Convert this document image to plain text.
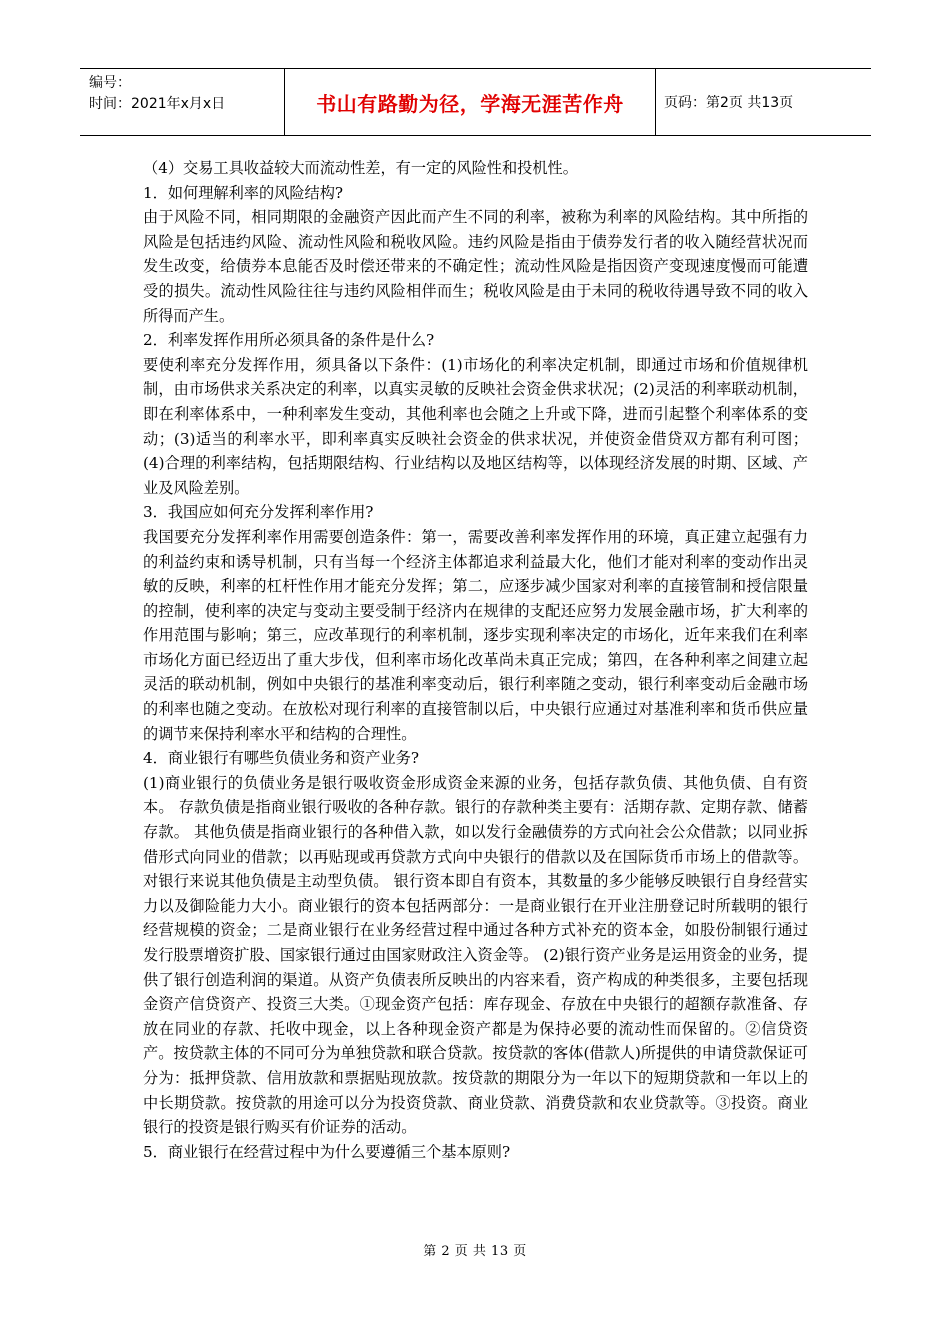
编号：
时间：2021年x月x日	书山有路勤为径，学海无涯苦作舟	页码：第2页 共13页

（4）交易工具收益较大而流动性差，有一定的风险性和投机性。

1．如何理解利率的风险结构?

由于风险不同，相同期限的金融资产因此而产生不同的利率，被称为利率的风险结构。其中所指的风险是包括违约风险、流动性风险和税收风险。违约风险是指由于债券发行者的收入随经营状况而发生改变，给债券本息能否及时偿还带来的不确定性；流动性风险是指因资产变现速度慢而可能遭受的损失。流动性风险往往与违约风险相伴而生；税收风险是由于未同的税收待遇导致不同的收入所得而产生。

2．利率发挥作用所必须具备的条件是什么?

要使利率充分发挥作用，须具备以下条件：(1)市场化的利率决定机制，即通过市场和价值规律机制，由市场供求关系决定的利率，以真实灵敏的反映社会资金供求状况；(2)灵活的利率联动机制，即在利率体系中，一种利率发生变动，其他利率也会随之上升或下降，进而引起整个利率体系的变动；(3)适当的利率水平，即利率真实反映社会资金的供求状况，并使资金借贷双方都有利可图；(4)合理的利率结构，包括期限结构、行业结构以及地区结构等，以体现经济发展的时期、区域、产业及风险差别。

3．我国应如何充分发挥利率作用?

我国要充分发挥利率作用需要创造条件：第一，需要改善利率发挥作用的环境，真正建立起强有力的利益约束和诱导机制，只有当每一个经济主体都追求利益最大化，他们才能对利率的变动作出灵敏的反映，利率的杠杆性作用才能充分发挥；第二，应逐步减少国家对利率的直接管制和授信限量的控制，使利率的决定与变动主要受制于经济内在规律的支配还应努力发展金融市场，扩大利率的作用范围与影响；第三，应改革现行的利率机制，逐步实现利率决定的市场化，近年来我们在利率市场化方面已经迈出了重大步伐，但利率市场化改革尚未真正完成；第四，在各种利率之间建立起灵活的联动机制，例如中央银行的基准利率变动后，银行利率随之变动，银行利率变动后金融市场的利率也随之变动。在放松对现行利率的直接管制以后，中央银行应通过对基准利率和货币供应量的调节来保持利率水平和结构的合理性。

4．商业银行有哪些负债业务和资产业务?

(1)商业银行的负债业务是银行吸收资金形成资金来源的业务，包括存款负债、其他负债、自有资本。 存款负债是指商业银行吸收的各种存款。银行的存款种类主要有：活期存款、定期存款、储蓄存款。 其他负债是指商业银行的各种借入款，如以发行金融债券的方式向社会公众借款；以同业拆借形式向同业的借款；以再贴现或再贷款方式向中央银行的借款以及在国际货币市场上的借款等。对银行来说其他负债是主动型负债。 银行资本即自有资本，其数量的多少能够反映银行自身经营实力以及御险能力大小。商业银行的资本包括两部分：一是商业银行在开业注册登记时所载明的银行经营规模的资金；二是商业银行在业务经营过程中通过各种方式补充的资本金，如股份制银行通过发行股票增资扩股、国家银行通过由国家财政注入资金等。 (2)银行资产业务是运用资金的业务，提供了银行创造利润的渠道。从资产负债表所反映出的内容来看，资产构成的种类很多，主要包括现金资产信贷资产、投资三大类。①现金资产包括：库存现金、存放在中央银行的超额存款准备、存放在同业的存款、托收中现金，以上各种现金资产都是为保持必要的流动性而保留的。②信贷资产。按贷款主体的不同可分为单独贷款和联合贷款。按贷款的客体(借款人)所提供的申请贷款保证可分为：抵押贷款、信用放款和票据贴现放款。按贷款的期限分为一年以下的短期贷款和一年以上的中长期贷款。按贷款的用途可以分为投资贷款、商业贷款、消费贷款和农业贷款等。③投资。商业银行的投资是银行购买有价证券的活动。

5．商业银行在经营过程中为什么要遵循三个基本原则?

第 2 页 共 13 页
